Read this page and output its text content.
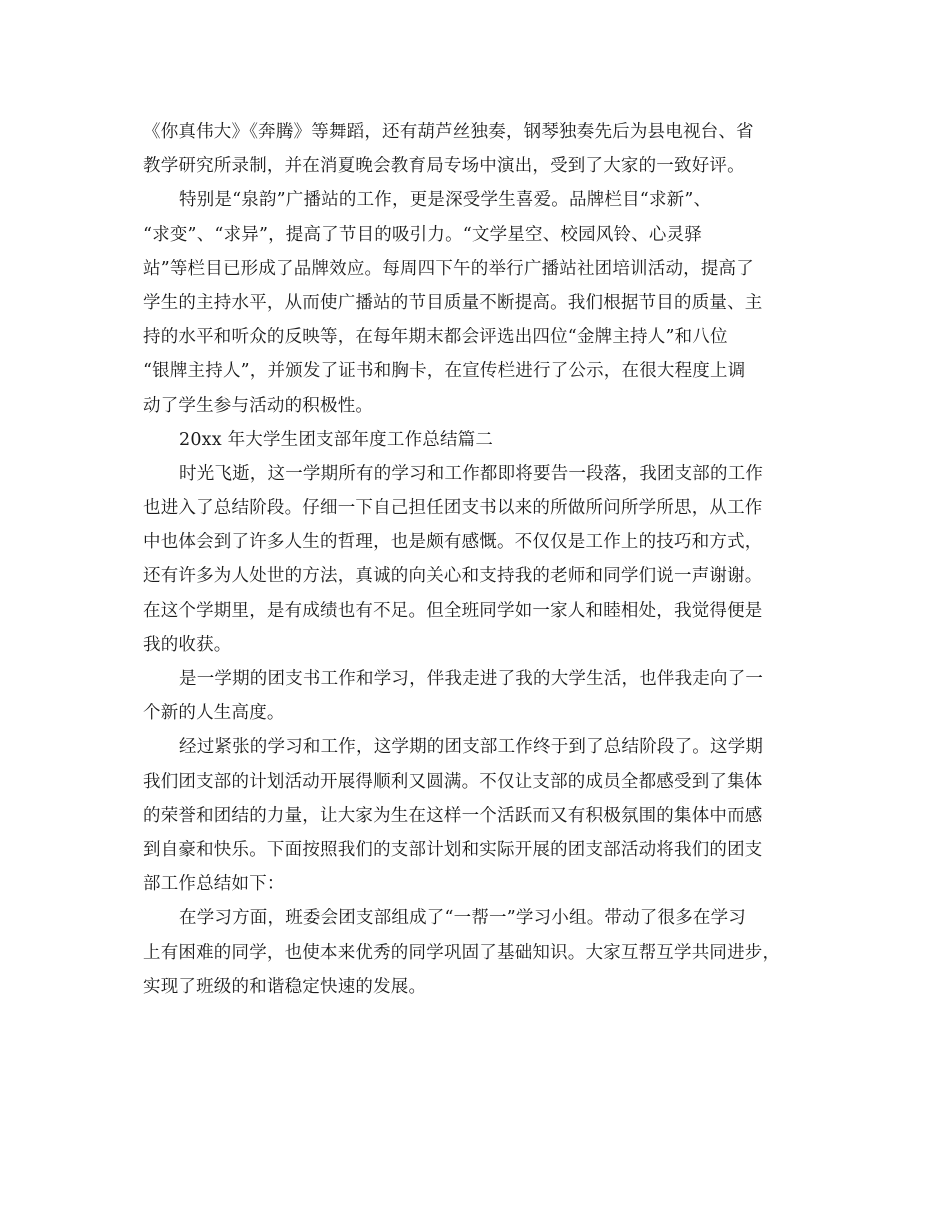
《你真伟大》《奔腾》等舞蹈，还有葫芦丝独奏，钢琴独奏先后为县电视台、省
教学研究所录制，并在消夏晚会教育局专场中演出，受到了大家的一致好评。
特别是“泉韵”广播站的工作，更是深受学生喜爱。品牌栏目“求新”、
“求变”、“求异”，提高了节目的吸引力。“文学星空、校园风铃、心灵驿
站”等栏目已形成了品牌效应。每周四下午的举行广播站社团培训活动，提高了
学生的主持水平，从而使广播站的节目质量不断提高。我们根据节目的质量、主
持的水平和听众的反映等，在每年期末都会评选出四位“金牌主持人”和八位
“银牌主持人”，并颁发了证书和胸卡，在宣传栏进行了公示，在很大程度上调
动了学生参与活动的积极性。
20xx 年大学生团支部年度工作总结篇二
时光飞逝，这一学期所有的学习和工作都即将要告一段落，我团支部的工作
也进入了总结阶段。仔细一下自己担任团支书以来的所做所问所学所思，从工作
中也体会到了许多人生的哲理，也是颇有感慨。不仅仅是工作上的技巧和方式，
还有许多为人处世的方法，真诚的向关心和支持我的老师和同学们说一声谢谢。
在这个学期里，是有成绩也有不足。但全班同学如一家人和睦相处，我觉得便是
我的收获。
是一学期的团支书工作和学习，伴我走进了我的大学生活，也伴我走向了一
个新的人生高度。
经过紧张的学习和工作，这学期的团支部工作终于到了总结阶段了。这学期
我们团支部的计划活动开展得顺利又圆满。不仅让支部的成员全都感受到了集体
的荣誉和团结的力量，让大家为生在这样一个活跃而又有积极氛围的集体中而感
到自豪和快乐。下面按照我们的支部计划和实际开展的团支部活动将我们的团支
部工作总结如下：
在学习方面，班委会团支部组成了“一帮一”学习小组。带动了很多在学习
上有困难的同学，也使本来优秀的同学巩固了基础知识。大家互帮互学共同进步，
实现了班级的和谐稳定快速的发展。
